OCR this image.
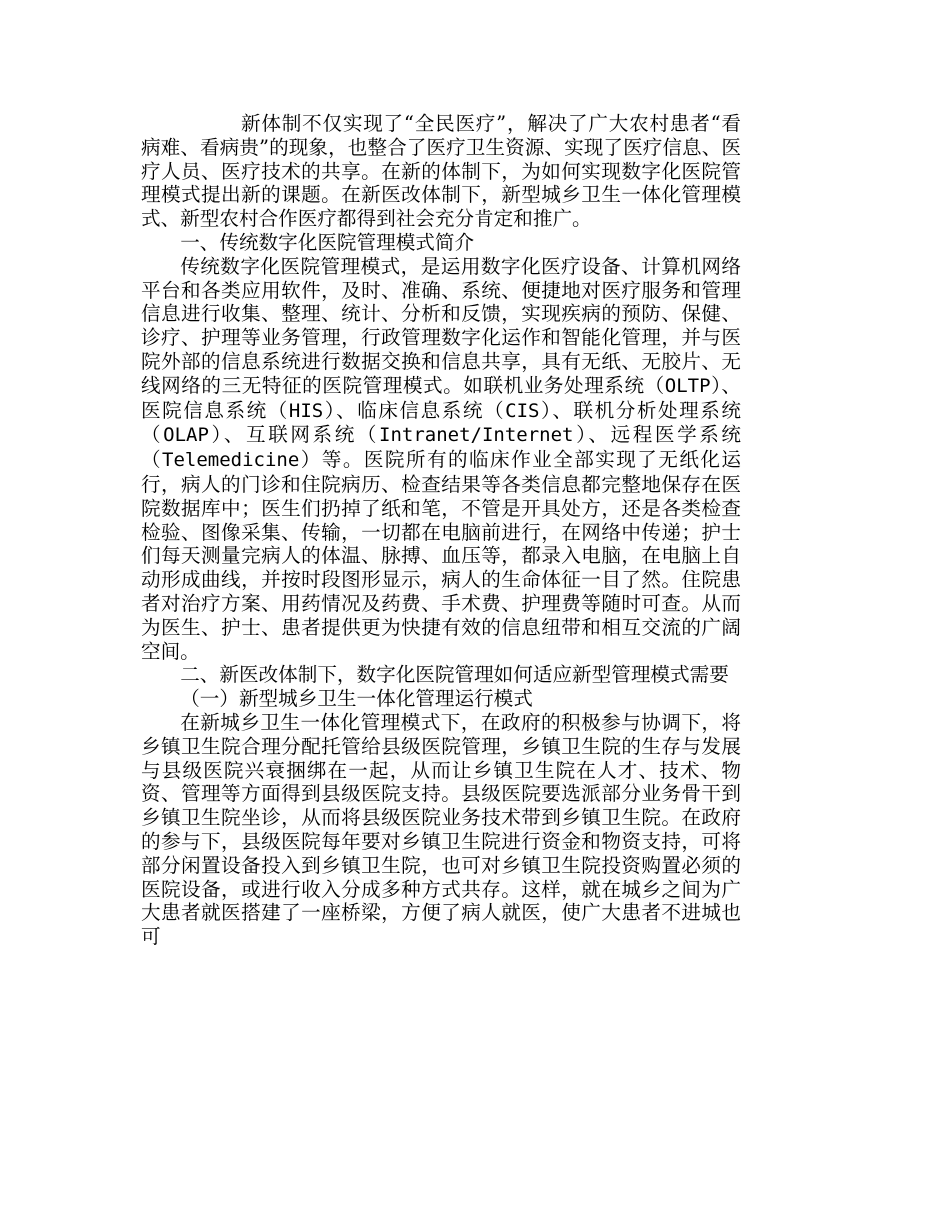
新体制不仅实现了“全民医疗”，解决了广大农村患者“看病难、看病贵”的现象，也整合了医疗卫生资源、实现了医疗信息、医疗人员、医疗技术的共享。在新的体制下，为如何实现数字化医院管理模式提出新的课题。在新医改体制下，新型城乡卫生一体化管理模式、新型农村合作医疗都得到社会充分肯定和推广。

一、传统数字化医院管理模式简介

传统数字化医院管理模式，是运用数字化医疗设备、计算机网络平台和各类应用软件，及时、准确、系统、便捷地对医疗服务和管理信息进行收集、整理、统计、分析和反馈，实现疾病的预防、保健、诊疗、护理等业务管理，行政管理数字化运作和智能化管理，并与医院外部的信息系统进行数据交换和信息共享，具有无纸、无胶片、无线网络的三无特征的医院管理模式。如联机业务处理系统（OLTP）、医院信息系统（HIS）、临床信息系统（CIS）、联机分析处理系统（OLAP）、互联网系统（Intranet/Internet）、远程医学系统（Telemedicine）等。医院所有的临床作业全部实现了无纸化运行，病人的门诊和住院病历、检查结果等各类信息都完整地保存在医院数据库中；医生们扔掉了纸和笔，不管是开具处方，还是各类检查检验、图像采集、传输，一切都在电脑前进行，在网络中传递；护士们每天测量完病人的体温、脉搏、血压等，都录入电脑，在电脑上自动形成曲线，并按时段图形显示，病人的生命体征一目了然。住院患者对治疗方案、用药情况及药费、手术费、护理费等随时可查。从而为医生、护士、患者提供更为快捷有效的信息纽带和相互交流的广阔空间。

二、新医改体制下，数字化医院管理如何适应新型管理模式需要

（一）新型城乡卫生一体化管理运行模式

在新城乡卫生一体化管理模式下，在政府的积极参与协调下，将乡镇卫生院合理分配托管给县级医院管理，乡镇卫生院的生存与发展与县级医院兴衰捆绑在一起，从而让乡镇卫生院在人才、技术、物资、管理等方面得到县级医院支持。县级医院要选派部分业务骨干到乡镇卫生院坐诊，从而将县级医院业务技术带到乡镇卫生院。在政府的参与下，县级医院每年要对乡镇卫生院进行资金和物资支持，可将部分闲置设备投入到乡镇卫生院，也可对乡镇卫生院投资购置必须的医院设备，或进行收入分成多种方式共存。这样，就在城乡之间为广大患者就医搭建了一座桥梁，方便了病人就医，使广大患者不进城也可
